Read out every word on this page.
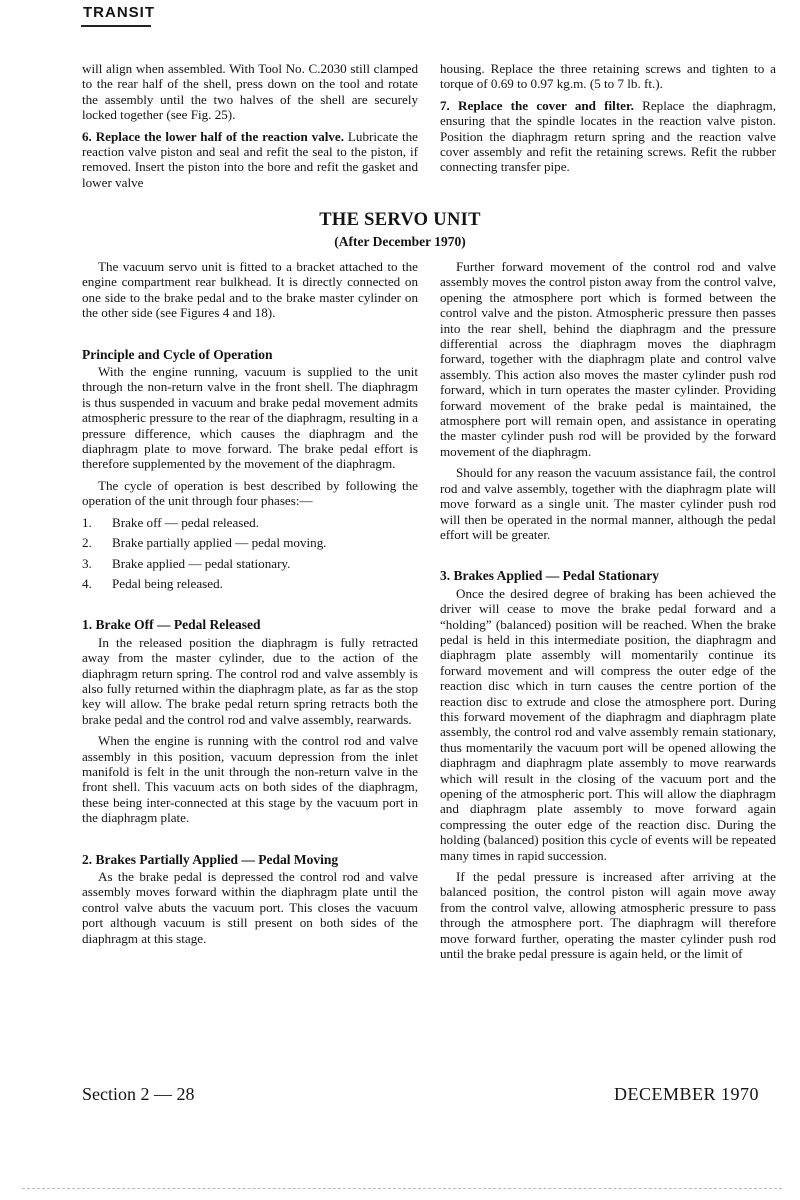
TRANSIT

will align when assembled. With Tool No. C.2030 still clamped to the rear half of the shell, press down on the tool and rotate the assembly until the two halves of the shell are securely locked together (see Fig. 25).

6. Replace the lower half of the reaction valve. Lubricate the reaction valve piston and seal and refit the seal to the piston, if removed. Insert the piston into the bore and refit the gasket and lower valve

housing. Replace the three retaining screws and tighten to a torque of 0.69 to 0.97 kg.m. (5 to 7 lb. ft.).

7. Replace the cover and filter. Replace the diaphragm, ensuring that the spindle locates in the reaction valve piston. Position the diaphragm return spring and the reaction valve cover assembly and refit the retaining screws. Refit the rubber connecting transfer pipe.

THE SERVO UNIT
(After December 1970)

The vacuum servo unit is fitted to a bracket attached to the engine compartment rear bulkhead. It is directly connected on one side to the brake pedal and to the brake master cylinder on the other side (see Figures 4 and 18).

Principle and Cycle of Operation

With the engine running, vacuum is supplied to the unit through the non-return valve in the front shell. The diaphragm is thus suspended in vacuum and brake pedal movement admits atmospheric pressure to the rear of the diaphragm, resulting in a pressure difference, which causes the diaphragm and the diaphragm plate to move forward. The brake pedal effort is therefore supplemented by the movement of the diaphragm.

The cycle of operation is best described by following the operation of the unit through four phases:—

1.	Brake off — pedal released.
2.	Brake partially applied — pedal moving.
3.	Brake applied — pedal stationary.
4.	Pedal being released.
1. Brake Off — Pedal Released

In the released position the diaphragm is fully retracted away from the master cylinder, due to the action of the diaphragm return spring. The control rod and valve assembly is also fully returned within the diaphragm plate, as far as the stop key will allow. The brake pedal return spring retracts both the brake pedal and the control rod and valve assembly, rearwards.

When the engine is running with the control rod and valve assembly in this position, vacuum depression from the inlet manifold is felt in the unit through the non-return valve in the front shell. This vacuum acts on both sides of the diaphragm, these being inter-connected at this stage by the vacuum port in the diaphragm plate.

2. Brakes Partially Applied — Pedal Moving

As the brake pedal is depressed the control rod and valve assembly moves forward within the diaphragm plate until the control valve abuts the vacuum port. This closes the vacuum port although vacuum is still present on both sides of the diaphragm at this stage.

Further forward movement of the control rod and valve assembly moves the control piston away from the control valve, opening the atmosphere port which is formed between the control valve and the piston. Atmospheric pressure then passes into the rear shell, behind the diaphragm and the pressure differential across the diaphragm moves the diaphragm forward, together with the diaphragm plate and control valve assembly. This action also moves the master cylinder push rod forward, which in turn operates the master cylinder. Providing forward movement of the brake pedal is maintained, the atmosphere port will remain open, and assistance in operating the master cylinder push rod will be provided by the forward movement of the diaphragm.

Should for any reason the vacuum assistance fail, the control rod and valve assembly, together with the diaphragm plate will move forward as a single unit. The master cylinder push rod will then be operated in the normal manner, although the pedal effort will be greater.

3. Brakes Applied — Pedal Stationary

Once the desired degree of braking has been achieved the driver will cease to move the brake pedal forward and a “holding” (balanced) position will be reached. When the brake pedal is held in this intermediate position, the diaphragm and diaphragm plate assembly will momentarily continue its forward movement and will compress the outer edge of the reaction disc which in turn causes the centre portion of the reaction disc to extrude and close the atmosphere port. During this forward movement of the diaphragm and diaphragm plate assembly, the control rod and valve assembly remain stationary, thus momentarily the vacuum port will be opened allowing the diaphragm and diaphragm plate assembly to move rearwards which will result in the closing of the vacuum port and the opening of the atmospheric port. This will allow the diaphragm and diaphragm plate assembly to move forward again compressing the outer edge of the reaction disc. During the holding (balanced) position this cycle of events will be repeated many times in rapid succession.

If the pedal pressure is increased after arriving at the balanced position, the control piston will again move away from the control valve, allowing atmospheric pressure to pass through the atmosphere port. The diaphragm will therefore move forward further, operating the master cylinder push rod until the brake pedal pressure is again held, or the limit of

Section 2 — 28	DECEMBER 1970
